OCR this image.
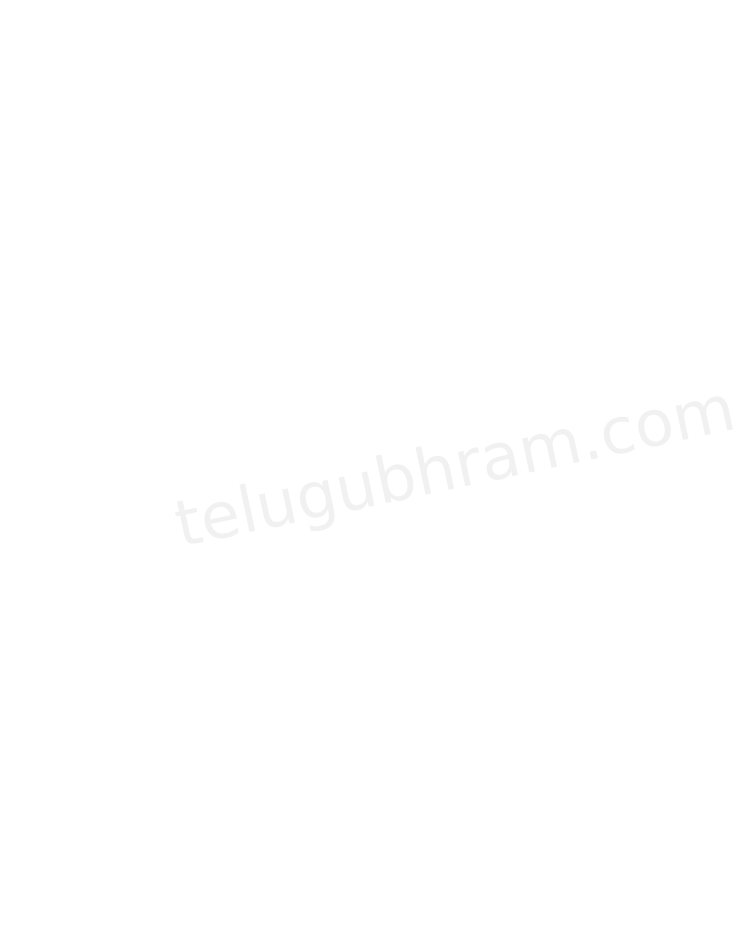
telugubhram.com
